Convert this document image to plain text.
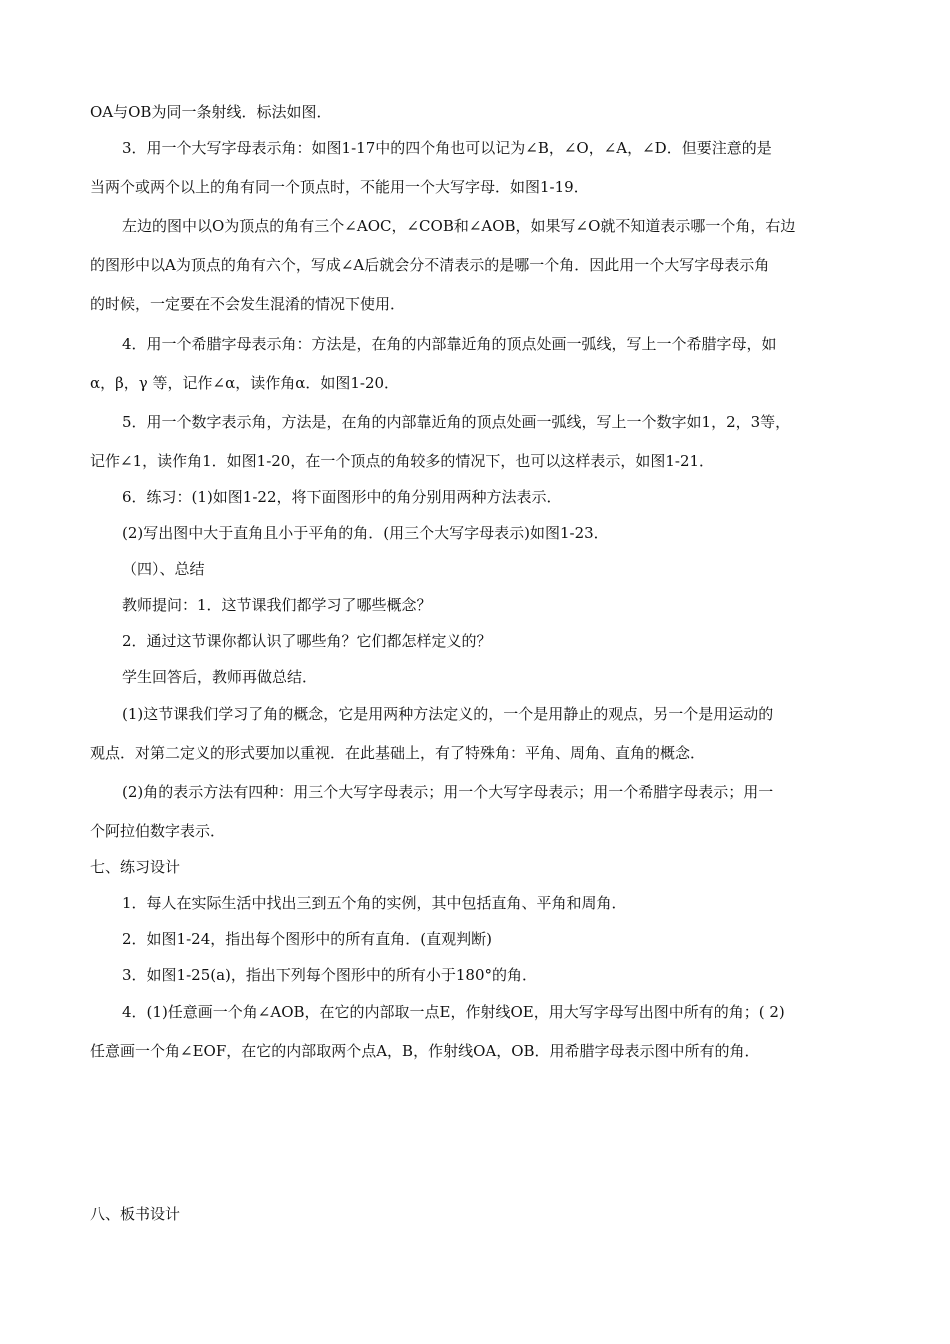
OA与OB为同一条射线．标法如图．
3．用一个大写字母表示角：如图1-17中的四个角也可以记为∠B，∠O，∠A，∠D．但要注意的是
当两个或两个以上的角有同一个顶点时，不能用一个大写字母．如图1-19．
左边的图中以O为顶点的角有三个∠AOC，∠COB和∠AOB，如果写∠O就不知道表示哪一个角，右边
的图形中以A为顶点的角有六个，写成∠A后就会分不清表示的是哪一个角．因此用一个大写字母表示角
的时候，一定要在不会发生混淆的情况下使用．
4．用一个希腊字母表示角：方法是，在角的内部靠近角的顶点处画一弧线，写上一个希腊字母，如
α，β，γ 等，记作∠α，读作角α．如图1-20．
5．用一个数字表示角，方法是，在角的内部靠近角的顶点处画一弧线，写上一个数字如1，2，3等，
记作∠1，读作角1．如图1-20，在一个顶点的角较多的情况下，也可以这样表示，如图1-21．
6．练习：(1)如图1-22，将下面图形中的角分别用两种方法表示．
(2)写出图中大于直角且小于平角的角．(用三个大写字母表示)如图1-23．
（四）、总结
教师提问：1．这节课我们都学习了哪些概念？
2．通过这节课你都认识了哪些角？它们都怎样定义的？
学生回答后，教师再做总结．
(1)这节课我们学习了角的概念，它是用两种方法定义的，一个是用静止的观点，另一个是用运动的
观点．对第二定义的形式要加以重视．在此基础上，有了特殊角：平角、周角、直角的概念．
(2)角的表示方法有四种：用三个大写字母表示；用一个大写字母表示；用一个希腊字母表示；用一
个阿拉伯数字表示．
七、练习设计
1．每人在实际生活中找出三到五个角的实例，其中包括直角、平角和周角．
2．如图1-24，指出每个图形中的所有直角．(直观判断)
3．如图1-25(a)，指出下列每个图形中的所有小于180°的角．
4．(1)任意画一个角∠AOB，在它的内部取一点E，作射线OE，用大写字母写出图中所有的角；( 2)
任意画一个角∠EOF，在它的内部取两个点A，B，作射线OA，OB．用希腊字母表示图中所有的角．
八、板书设计
